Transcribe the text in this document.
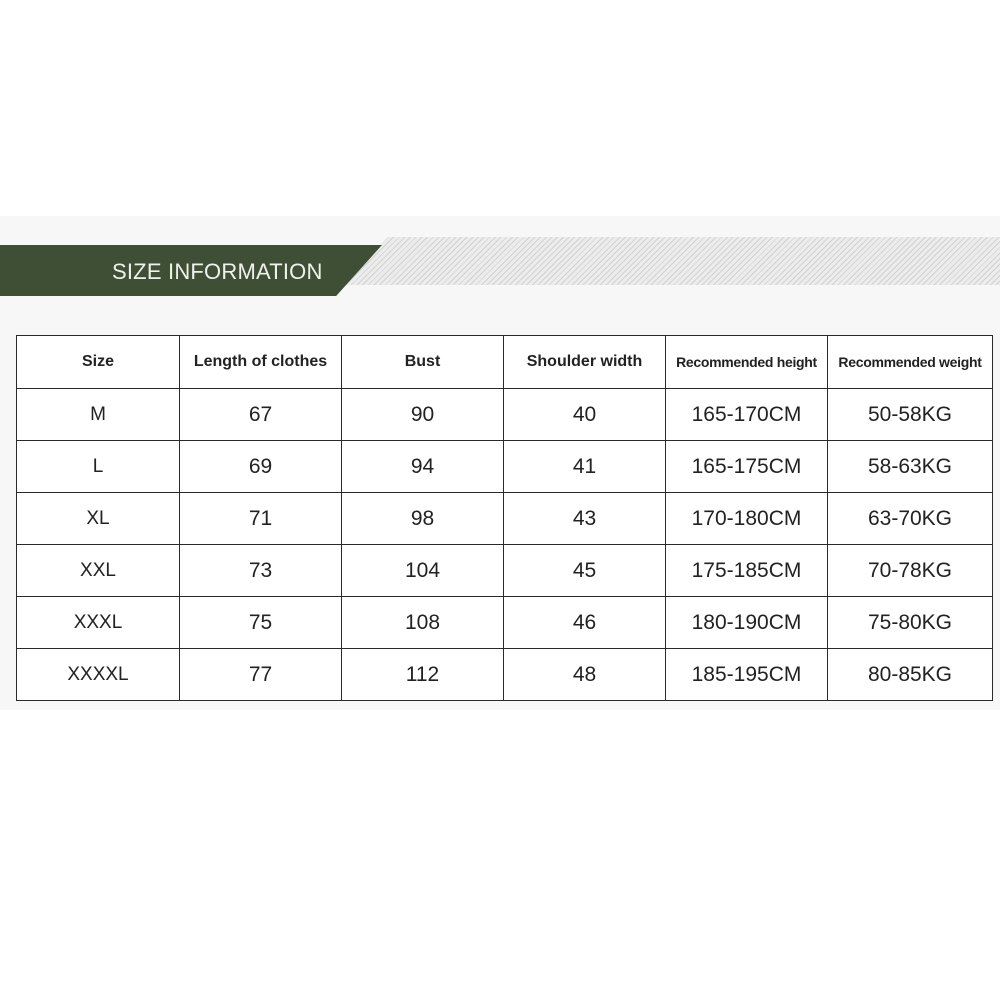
SIZE INFORMATION
Size	Length of clothes	Bust	Shoulder width	Recommended height	Recommended weight
M	67	90	40	165-170CM	50-58KG
L	69	94	41	165-175CM	58-63KG
XL	71	98	43	170-180CM	63-70KG
XXL	73	104	45	175-185CM	70-78KG
XXXL	75	108	46	180-190CM	75-80KG
XXXXL	77	112	48	185-195CM	80-85KG
